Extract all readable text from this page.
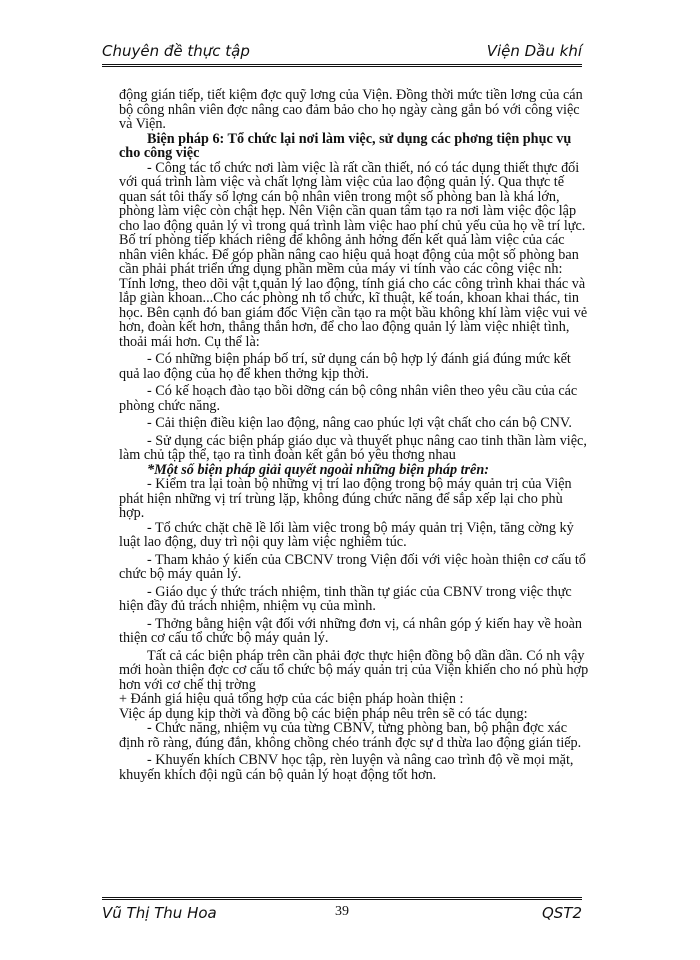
Chuyên đề thực tập	Viện Dầu khí

động gián tiếp, tiết kiệm đợc quỹ lơng của Viện. Đồng thời mức tiền lơng của cán bộ công nhân viên đợc nâng cao đảm bảo cho họ ngày càng gắn bó với công việc và Viện.

Biện pháp 6: Tổ chức lại nơi làm việc, sử dụng các phơng tiện phục vụ cho công việc

- Công tác tổ chức nơi làm việc là rất cần thiết, nó có tác dụng thiết thực đối với quá trình làm việc và chất lợng làm việc của lao động quản lý. Qua thực tế quan sát tôi thấy số lợng cán bộ nhân viên trong một số phòng ban là khá lớn, phòng làm việc còn chật hẹp. Nên Viện cần quan tâm tạo ra nơi làm việc độc lập cho lao động quản lý vì trong quá trình làm việc hao phí chủ yếu của họ về trí lực. Bố trí phòng tiếp khách riêng để không ảnh hởng đến kết quả làm việc của các nhân viên khác. Để góp phần nâng cao hiệu quả hoạt động của một số phòng ban cần phải phát triển ứng dụng phần mềm của máy vi tính vào các công việc nh: Tính lơng, theo dõi vật t,quản lý lao động, tính giá cho các công trình khai thác và lắp giàn khoan...Cho các phòng nh tổ chức, kĩ thuật, kế toán, khoan khai thác, tin học. Bên cạnh đó ban giám đốc Viện cần tạo ra một bầu không khí làm việc vui vẻ hơn, đoàn kết hơn, thẳng thắn hơn, để cho lao động quản lý làm việc nhiệt tình, thoải mái hơn. Cụ thể là:

- Có những biện pháp bố trí, sử dụng cán bộ hợp lý đánh giá đúng mức kết quả lao động của họ để khen thởng kịp thời.

- Có kế hoạch đào tạo bồi dỡng cán bộ công nhân viên theo yêu cầu của các phòng chức năng.

- Cải thiện điều kiện lao động, nâng cao phúc lợi vật chất cho cán bộ CNV.

- Sử dụng các biện pháp giáo dục và thuyết phục nâng cao tinh thần làm việc, làm chủ tập thể, tạo ra tình đoàn kết gắn bó yêu thơng nhau

*Một số biện pháp giải quyết ngoài những biện pháp trên:

- Kiểm tra lại toàn bộ những vị trí lao động trong bộ máy quản trị của Viện phát hiện những vị trí trùng lặp, không đúng chức năng để sắp xếp lại cho phù hợp.

- Tổ chức chặt chẽ lề lối làm việc trong bộ máy quản trị Viện, tăng cờng kỷ luật lao động, duy trì nội quy làm việc nghiêm túc.

- Tham khảo ý kiến của CBCNV trong Viện đối với việc hoàn thiện cơ cấu tổ chức bộ máy quản lý.

- Giáo dục ý thức trách nhiệm, tinh thần tự giác của CBNV trong việc thực hiện đầy đủ trách nhiệm, nhiệm vụ của mình.

- Thởng bằng hiện vật đối với những đơn vị, cá nhân góp ý kiến hay về hoàn thiện cơ cấu tổ chức bộ máy quản lý.

Tất cả các biện pháp trên cần phải đợc thực hiện đồng bộ dần dần. Có nh vậy mới hoàn thiện đợc cơ cấu tổ chức bộ máy quản trị của Viện khiến cho nó phù hợp hơn với cơ chế thị trờng

+ Đánh giá hiệu quả tổng hợp của các biện pháp hoàn thiện :

Việc áp dụng kịp thời và đồng bộ các biện pháp nêu trên sẽ có tác dụng:

- Chức năng, nhiệm vụ của từng CBNV, từng phòng ban, bộ phận đợc xác định rõ ràng, đúng đắn, không chồng chéo tránh đợc sự d thừa lao động gián tiếp.

- Khuyến khích CBNV học tập, rèn luyện và nâng cao trình độ về mọi mặt, khuyến khích đội ngũ cán bộ quản lý hoạt động tốt hơn.

Vũ Thị Thu Hoa	39	QST2
